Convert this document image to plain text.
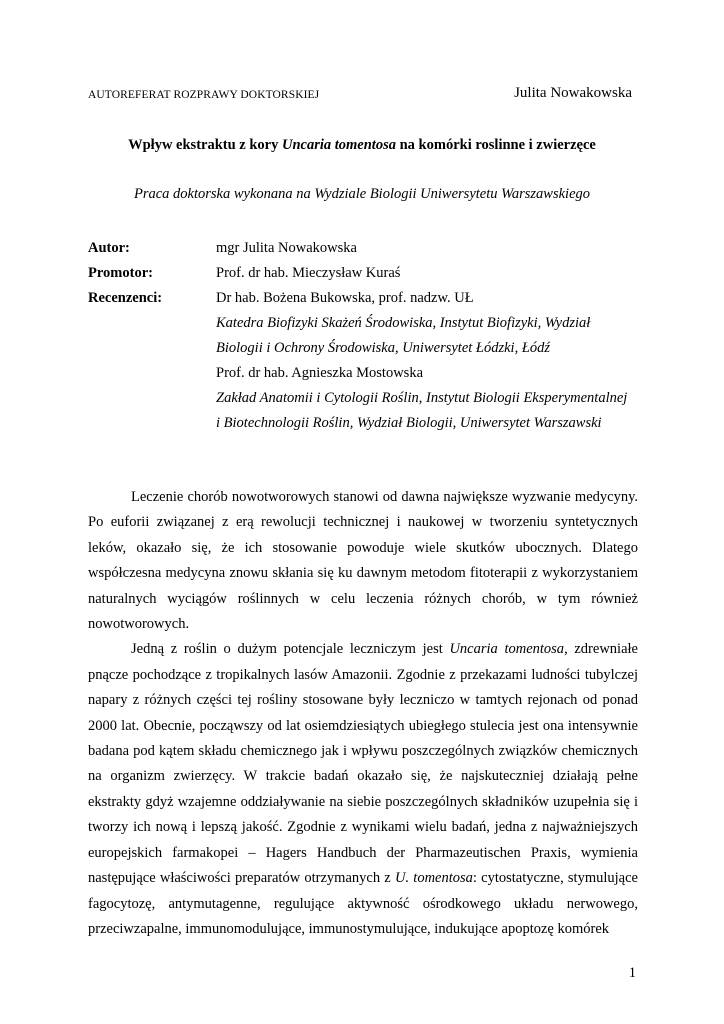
AUTOREFERAT ROZPRAWY DOKTORSKIEJ	Julita Nowakowska
Wpływ ekstraktu z kory Uncaria tomentosa na komórki roslinne i zwierzęce
Praca doktorska wykonana na Wydziale Biologii Uniwersytetu Warszawskiego
Autor:	mgr Julita Nowakowska
Promotor:	Prof. dr hab. Mieczysław Kuraś
Recenzenci:	Dr hab. Bożena Bukowska, prof. nadzw. UŁ
Katedra Biofizyki Skażeń Środowiska, Instytut Biofizyki, Wydział
Biologii i Ochrony Środowiska, Uniwersytet Łódzki, Łódź
Prof. dr hab. Agnieszka Mostowska
Zakład Anatomii i Cytologii Roślin, Instytut Biologii Eksperymentalnej
i Biotechnologii Roślin, Wydział Biologii, Uniwersytet Warszawski

Leczenie chorób nowotworowych stanowi od dawna największe wyzwanie medycyny. Po euforii związanej z erą rewolucji technicznej i naukowej w tworzeniu syntetycznych leków, okazało się, że ich stosowanie powoduje wiele skutków ubocznych. Dlatego współczesna medycyna znowu skłania się ku dawnym metodom fitoterapii z wykorzystaniem naturalnych wyciągów roślinnych w celu leczenia różnych chorób, w tym również nowotworowych.

Jedną z roślin o dużym potencjale leczniczym jest Uncaria tomentosa, zdrewniałe pnącze pochodzące z tropikalnych lasów Amazonii. Zgodnie z przekazami ludności tubylczej napary z różnych części tej rośliny stosowane były leczniczo w tamtych rejonach od ponad 2000 lat. Obecnie, począwszy od lat osiemdziesiątych ubiegłego stulecia jest ona intensywnie badana pod kątem składu chemicznego jak i wpływu poszczególnych związków chemicznych na organizm zwierzęcy. W trakcie badań okazało się, że najskuteczniej działają pełne ekstrakty gdyż wzajemne oddziaływanie na siebie poszczególnych składników uzupełnia się i tworzy ich nową i lepszą jakość. Zgodnie z wynikami wielu badań, jedna z najważniejszych europejskich farmakopei – Hagers Handbuch der Pharmazeutischen Praxis, wymienia następujące właściwości preparatów otrzymanych z U. tomentosa: cytostatyczne, stymulujące fagocytozę, antymutagenne, regulujące aktywność ośrodkowego układu nerwowego, przeciwzapalne, immunomodulujące, immunostymulujące, indukujące apoptozę komórek

1
